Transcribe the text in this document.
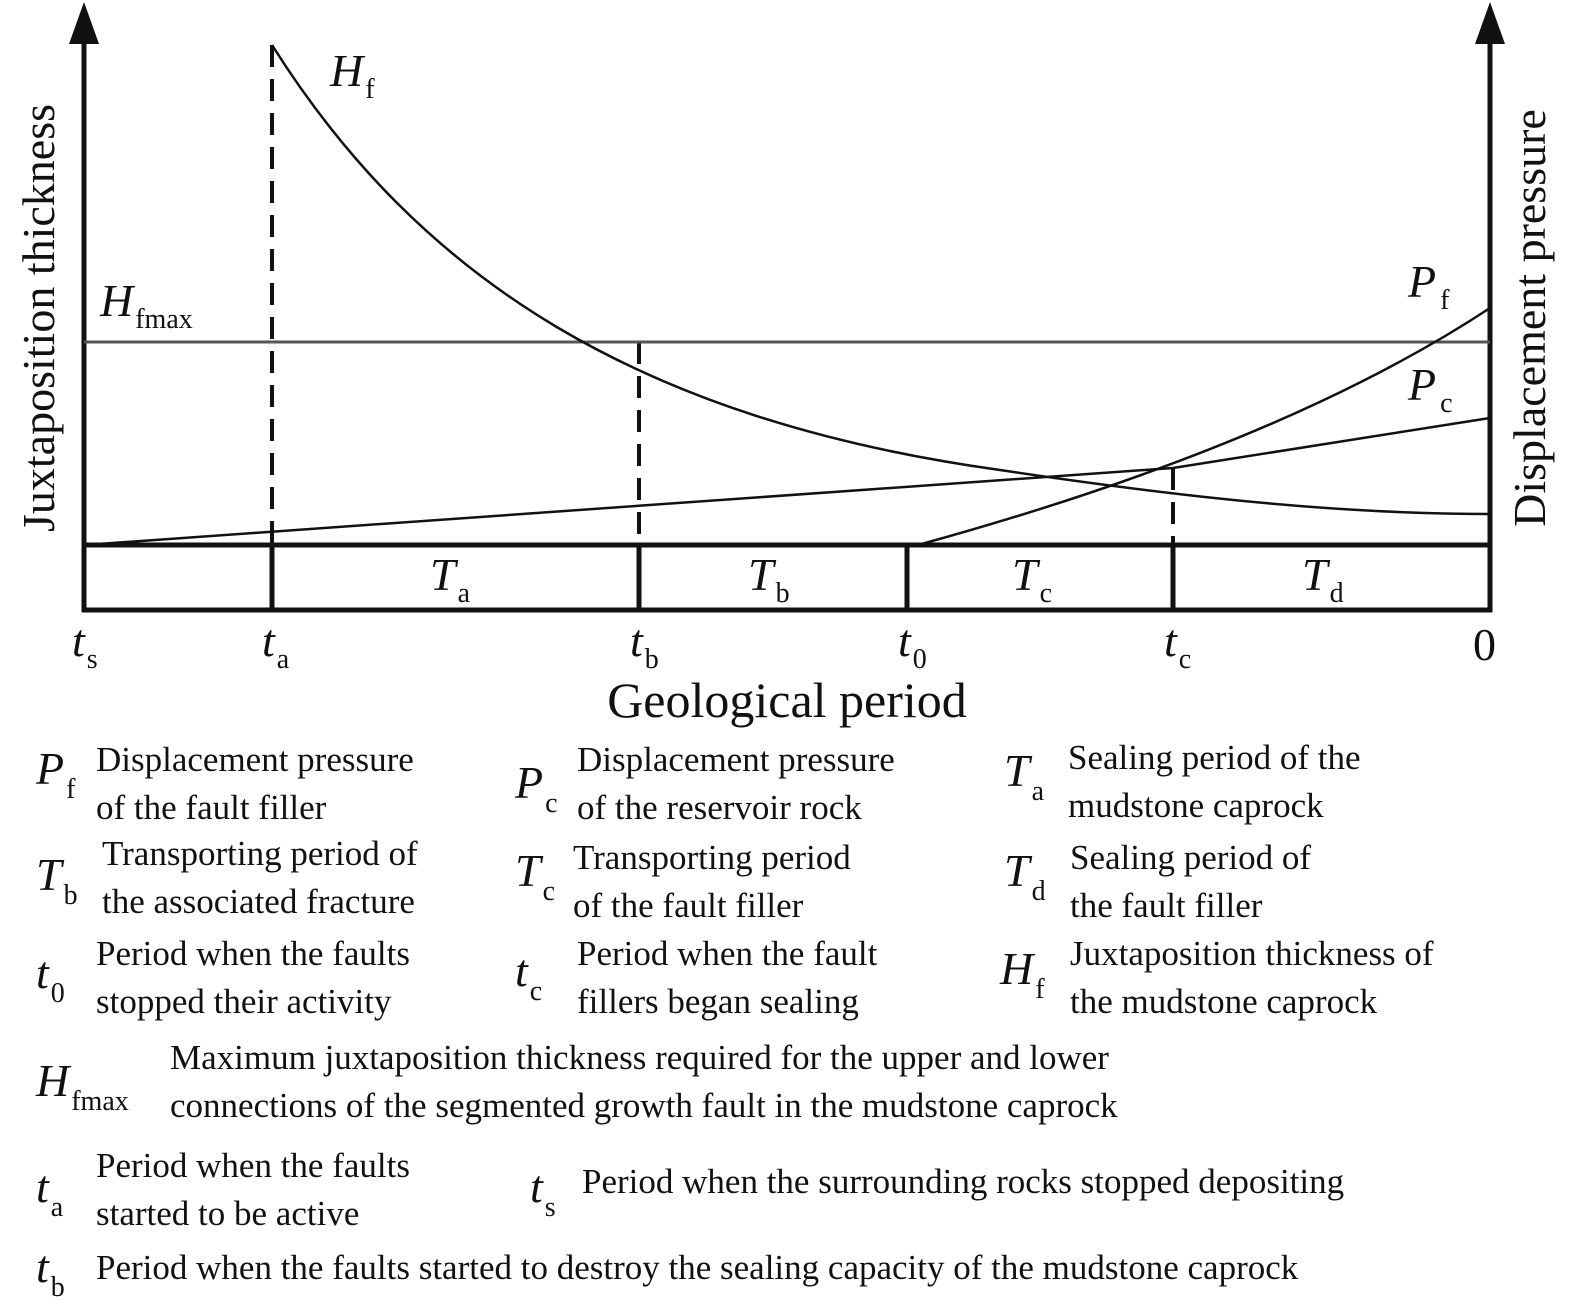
Juxtaposition thickness	Displacement pressure
Geological period
$H_f$
$H_{fmax}$
P $_f$
P $_c$
$T_a$	$T_b$	$T_c$	$T_d$
$t_s$	$t_a$	$t_b$	$t_0$	$t_c$	0
$P_f$
Displacement pressure
of the fault filler	$P_c$
Displacement pressure
of the reservoir rock
$T_a$
Sealing period of the
mudstone caprock
$T_b$
Transporting period of
the associated fracture
$T_c$
Transporting period
of the fault filler
$T_d$
Sealing period of
the fault filler
$t_0$
Period when the faults
stopped their activity
$t_c$
Period when the fault
fillers began sealing
$H_f$
Juxtaposition thickness of
the mudstone caprock
$H_{fmax}$
Maximum juxtaposition thickness required for the upper and lower
connections of the segmented growth fault in the mudstone caprock
$t_a$
Period when the faults
started to be active
$t_s$
Period when the surrounding rocks stopped depositing
$t_b$
Period when the faults started to destroy the sealing capacity of the mudstone caprock
